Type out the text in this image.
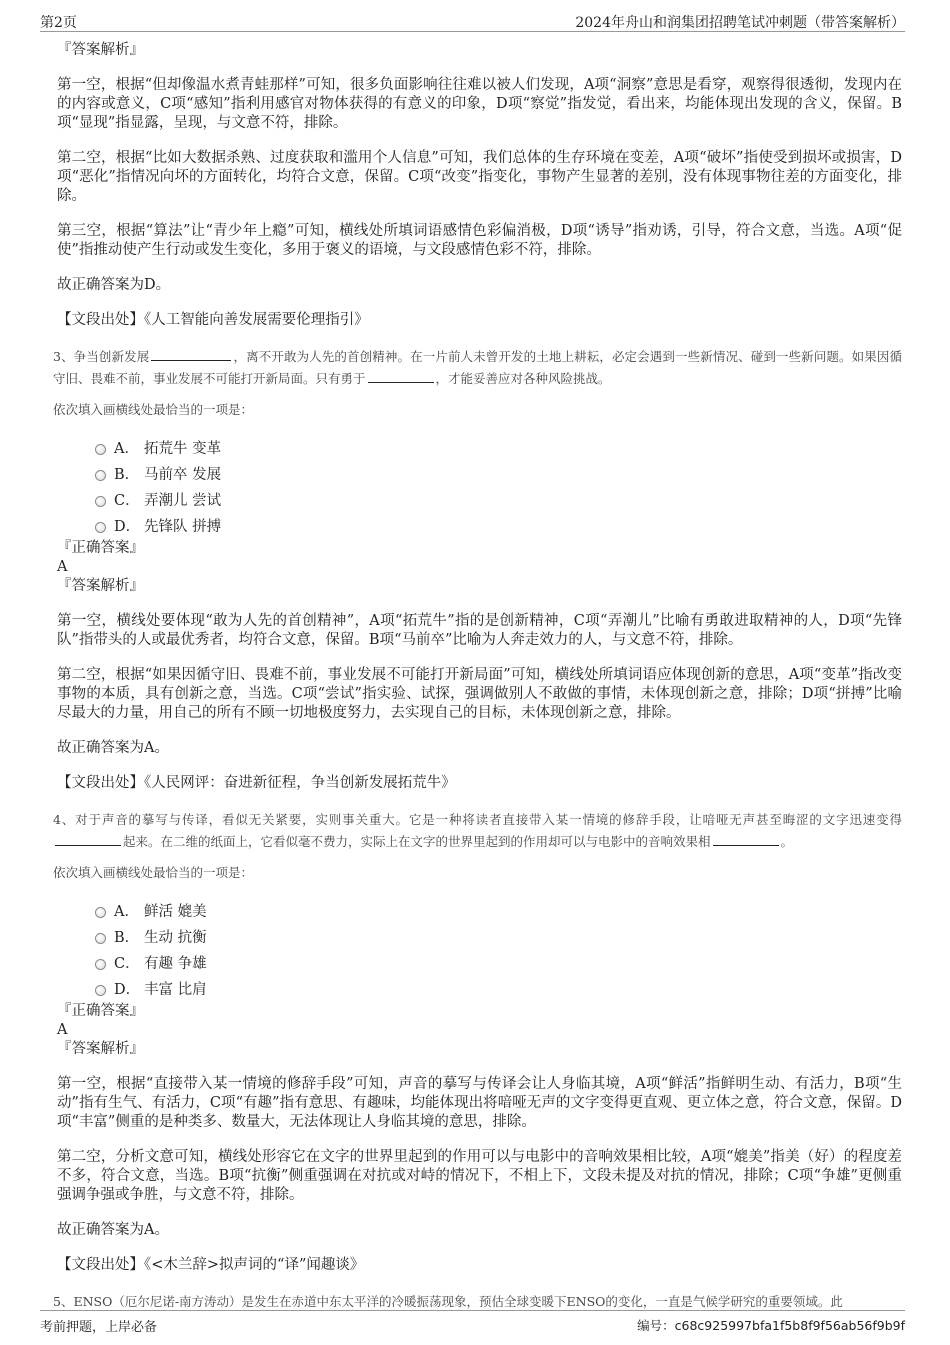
第2页	2024年舟山和润集团招聘笔试冲刺题（带答案解析）
『答案解析』

第一空，根据“但却像温水煮青蛙那样”可知，很多负面影响往往难以被人们发现，A项“洞察”意思是看穿，观察得很透彻，发现内在的内容或意义，C项“感知”指利用感官对物体获得的有意义的印象，D项“察觉”指发觉，看出来，均能体现出发现的含义，保留。B项“显现”指显露，呈现，与文意不符，排除。

第二空，根据“比如大数据杀熟、过度获取和滥用个人信息”可知，我们总体的生存环境在变差，A项“破坏”指使受到损坏或损害，D项“恶化”指情况向坏的方面转化，均符合文意，保留。C项“改变”指变化，事物产生显著的差别，没有体现事物往差的方面变化，排除。

第三空，根据“算法”让“青少年上瘾”可知，横线处所填词语感情色彩偏消极，D项“诱导”指劝诱，引导，符合文意，当选。A项“促使”指推动使产生行动或发生变化，多用于褒义的语境，与文段感情色彩不符，排除。

故正确答案为D。

【文段出处】《人工智能向善发展需要伦理指引》

3、争当创新发展	，离不开敢为人先的首创精神。在一片前人未曾开发的土地上耕耘，必定会遇到一些新情况、碰到一些新问题。如果因循守旧、畏难不前，事业发展不可能打开新局面。只有勇于	，才能妥善应对各种风险挑战。

依次填入画横线处最恰当的一项是：

A． 拓荒牛 变革
B． 马前卒 发展
C． 弄潮儿 尝试
D． 先锋队 拼搏
『正确答案』
A
『答案解析』

第一空，横线处要体现“敢为人先的首创精神”，A项“拓荒牛”指的是创新精神，C项“弄潮儿”比喻有勇敢进取精神的人，D项“先锋队”指带头的人或最优秀者，均符合文意，保留。B项“马前卒”比喻为人奔走效力的人，与文意不符，排除。

第二空，根据“如果因循守旧、畏难不前，事业发展不可能打开新局面”可知，横线处所填词语应体现创新的意思，A项“变革”指改变事物的本质，具有创新之意，当选。C项“尝试”指实验、试探，强调做别人不敢做的事情，未体现创新之意，排除；D项“拼搏”比喻尽最大的力量，用自己的所有不顾一切地极度努力，去实现自己的目标，未体现创新之意，排除。

故正确答案为A。

【文段出处】《人民网评：奋进新征程，争当创新发展拓荒牛》

4、对于声音的摹写与传译，看似无关紧要，实则事关重大。它是一种将读者直接带入某一情境的修辞手段，让喑哑无声甚至晦涩的文字迅速变得起来。在二维的纸面上，它看似毫不费力，实际上在文字的世界里起到的作用却可以与电影中的音响效果相	。

依次填入画横线处最恰当的一项是：

A． 鲜活 媲美
B． 生动 抗衡
C． 有趣 争雄
D． 丰富 比肩
『正确答案』
A
『答案解析』

第一空，根据“直接带入某一情境的修辞手段”可知，声音的摹写与传译会让人身临其境，A项“鲜活”指鲜明生动、有活力，B项“生动”指有生气、有活力，C项“有趣”指有意思、有趣味，均能体现出将喑哑无声的文字变得更直观、更立体之意，符合文意，保留。D项“丰富”侧重的是种类多、数量大，无法体现让人身临其境的意思，排除。

第二空，分析文意可知，横线处形容它在文字的世界里起到的作用可以与电影中的音响效果相比较，A项“媲美”指美（好）的程度差不多，符合文意，当选。B项“抗衡”侧重强调在对抗或对峙的情况下，不相上下，文段未提及对抗的情况，排除；C项“争雄”更侧重强调争强或争胜，与文意不符，排除。

故正确答案为A。

【文段出处】《<木兰辞>拟声词的“译”闻趣谈》

5、ENSO（厄尔尼诺-南方涛动）是发生在赤道中东太平洋的冷暖振荡现象，预估全球变暖下ENSO的变化，一直是气候学研究的重要领域。此

考前押题，上岸必备	编号：c68c925997bfa1f5b8f9f56ab56f9b9f
